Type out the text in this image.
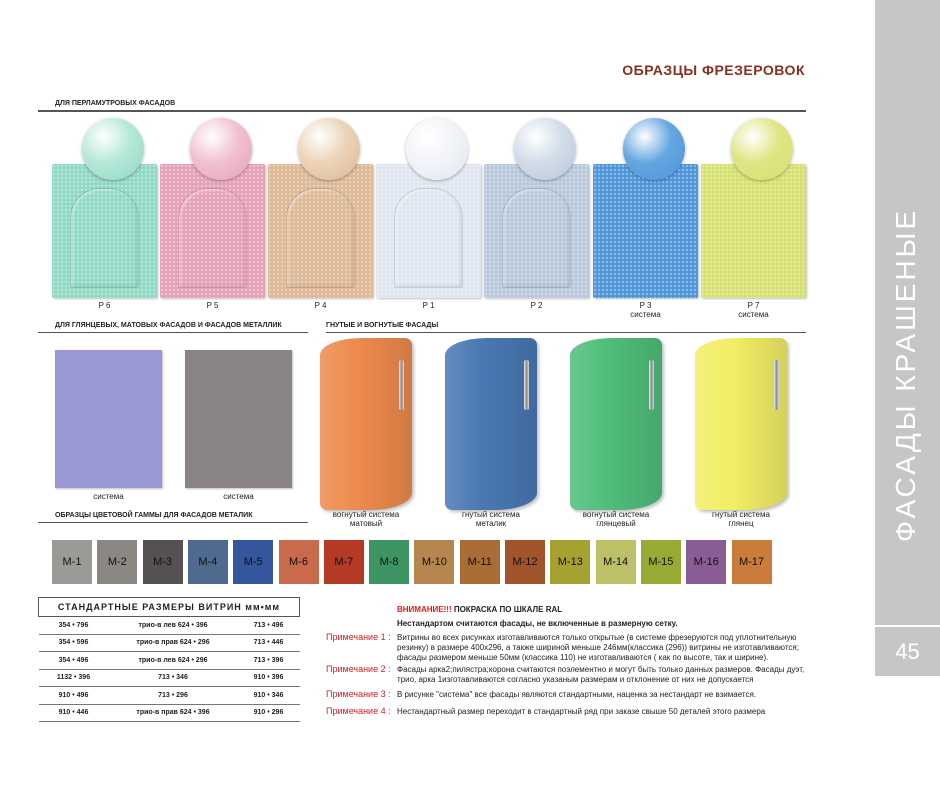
ФАСАДЫ КРАШЕНЫЕ
45
ОБРАЗЦЫ ФРЕЗЕРОВОК
ДЛЯ ПЕРЛАМУТРОВЫХ ФАСАДОВ
P 6	P 5	P 4	P 1	P 2	P 3
система
P 7
система
ДЛЯ ГЛЯНЦЕВЫХ, МАТОВЫХ ФАСАДОВ И ФАСАДОВ МЕТАЛЛИК	ГНУТЫЕ И ВОГНУТЫЕ ФАСАДЫ
система	система
вогнутый система
матовый
гнутый система
металик
вогнутый система
глянцевый
гнутый система
глянец
ОБРАЗЦЫ ЦВЕТОВОЙ ГАММЫ ДЛЯ ФАСАДОВ МЕТАЛИК
M-1	M-2	M-3	M-4	M-5	M-6	M-7	M-8	M-10	M-11	M-12	M-13	M-14	M-15	M-16	M-17
СТАНДАРТНЫЕ РАЗМЕРЫ ВИТРИН мм•мм		
354 • 796	трио-в лев 624 • 396	713 • 496
354 • 596	трио-в прав 624 • 296	713 • 446
354 • 496	трио-в лев 624 • 296	713 • 396
1132 • 396	713 • 346	910 • 396
910 • 496	713 • 296	910 • 346
910 • 446	трио-в прав 624 • 396	910 • 296
ВНИМАНИЕ!!! ПОКРАСКА ПО ШКАЛЕ RAL
Нестандартом считаются фасады, не включенные в размерную сетку.
Примечание 1 : Витрины во всех рисунках изготавливаются только открытые (в системе фрезеруются под уплотнительную резинку) в размере 400х296, а также шириной меньше 246мм(классика (296)) витрины не изготавливаются; фасады размером меньше 50мм (классика 110) не изготавливаются ( как по высоте, так и ширине).
Примечание 2 : Фасады арка2;пилястра;корона считаются поэлементно и могут быть только данных размеров. Фасады дуэт, трио, арка 1изготавливаются согласно указаным размерам и отклонение от них не допускается
Примечание 3 : В рисунке "система" все фасады являются стандартными, наценка за нестандарт не взимается.
Примечание 4 : Нестандартный размер переходит в стандартный ряд при заказе свыше 50 деталей этого размера
